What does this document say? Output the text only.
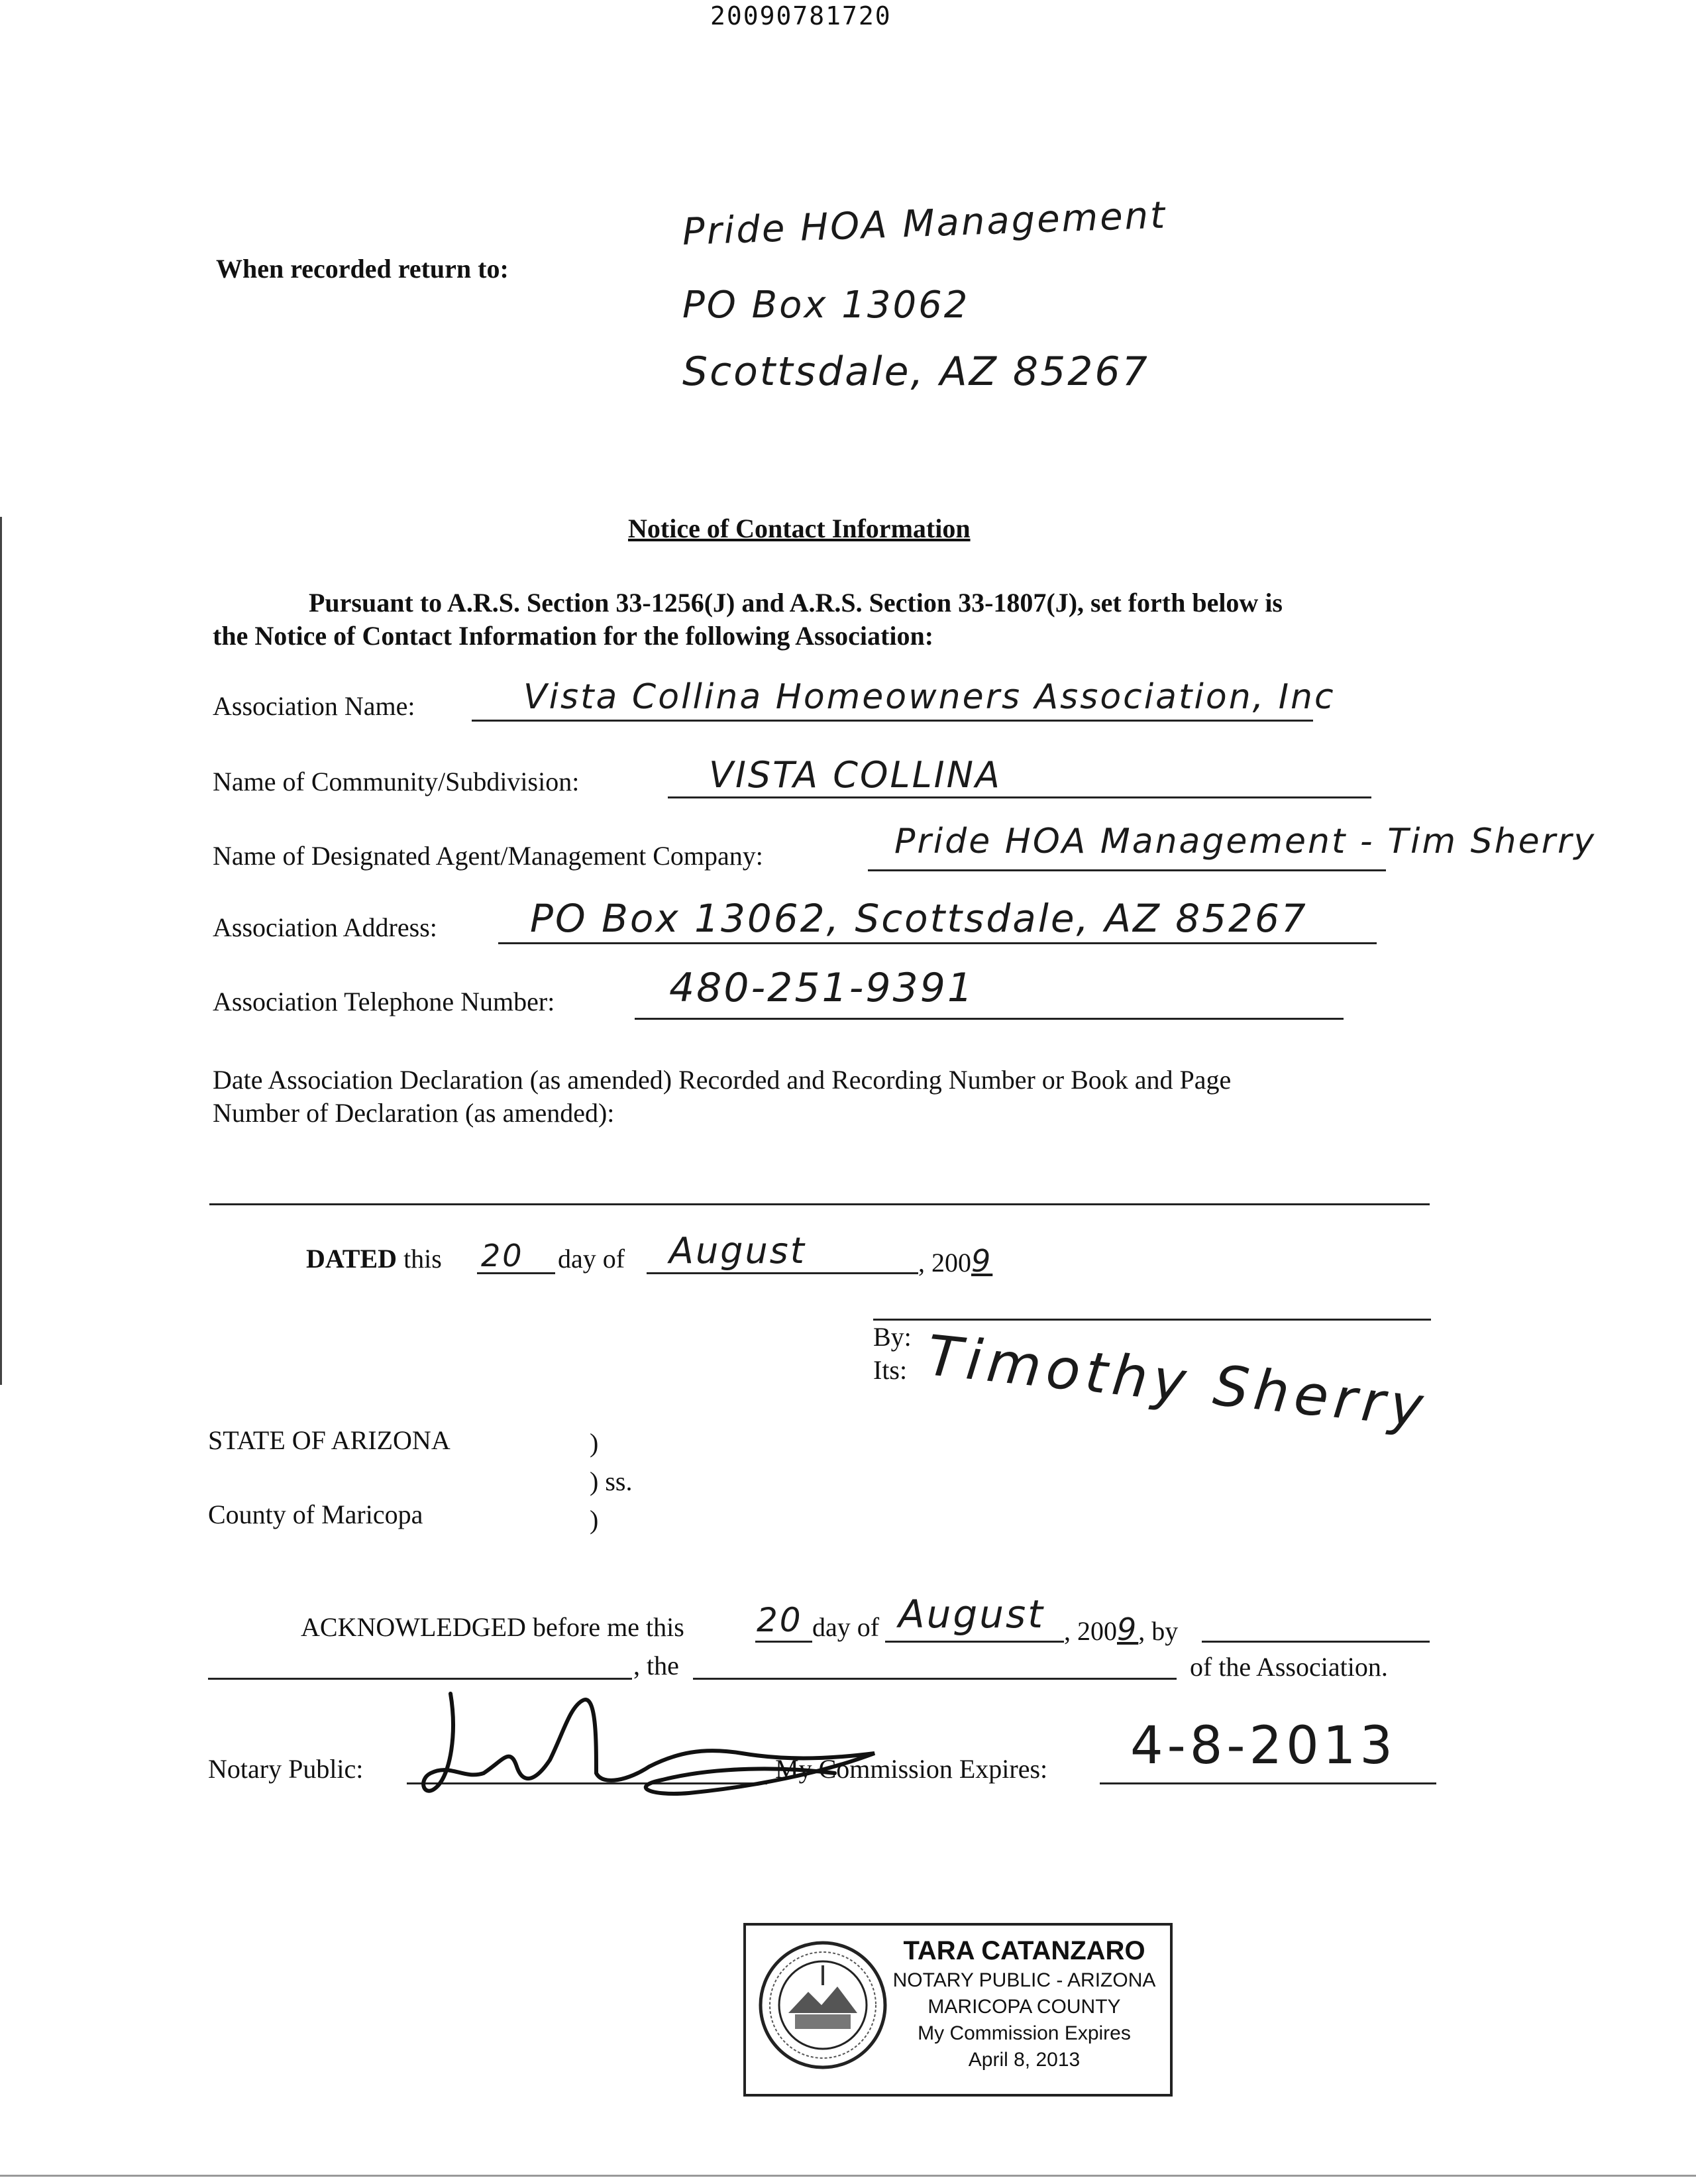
20090781720
When recorded return to:
Pride HOA Management
PO Box 13062
Scottsdale, AZ 85267
Notice of Contact Information
Pursuant to A.R.S. Section 33-1256(J) and A.R.S. Section 33-1807(J), set forth below is
the Notice of Contact Information for the following Association:
Association Name:	Vista Collina Homeowners Association, Inc
Name of Community/Subdivision:	VISTA COLLINA
Name of Designated Agent/Management Company:	Pride HOA Management - Tim Sherry
Association Address: PO Box 13062, Scottsdale, AZ 85267
Association Telephone Number:	480-251-9391
Date Association Declaration (as amended) Recorded and Recording Number or Book and Page
Number of Declaration (as amended):
DATED this 20 day of August	, 2009
By:
Its: Timothy Sherry
STATE OF ARIZONA
County of Maricopa
)
) ss.
)
ACKNOWLEDGED before me this 20 day of August , 2009, by
, the	of the Association.
Notary Public:	My Commission Expires: 4-8-2013
TARA CATANZARO
NOTARY PUBLIC - ARIZONA
MARICOPA COUNTY
My Commission Expires
April 8, 2013
